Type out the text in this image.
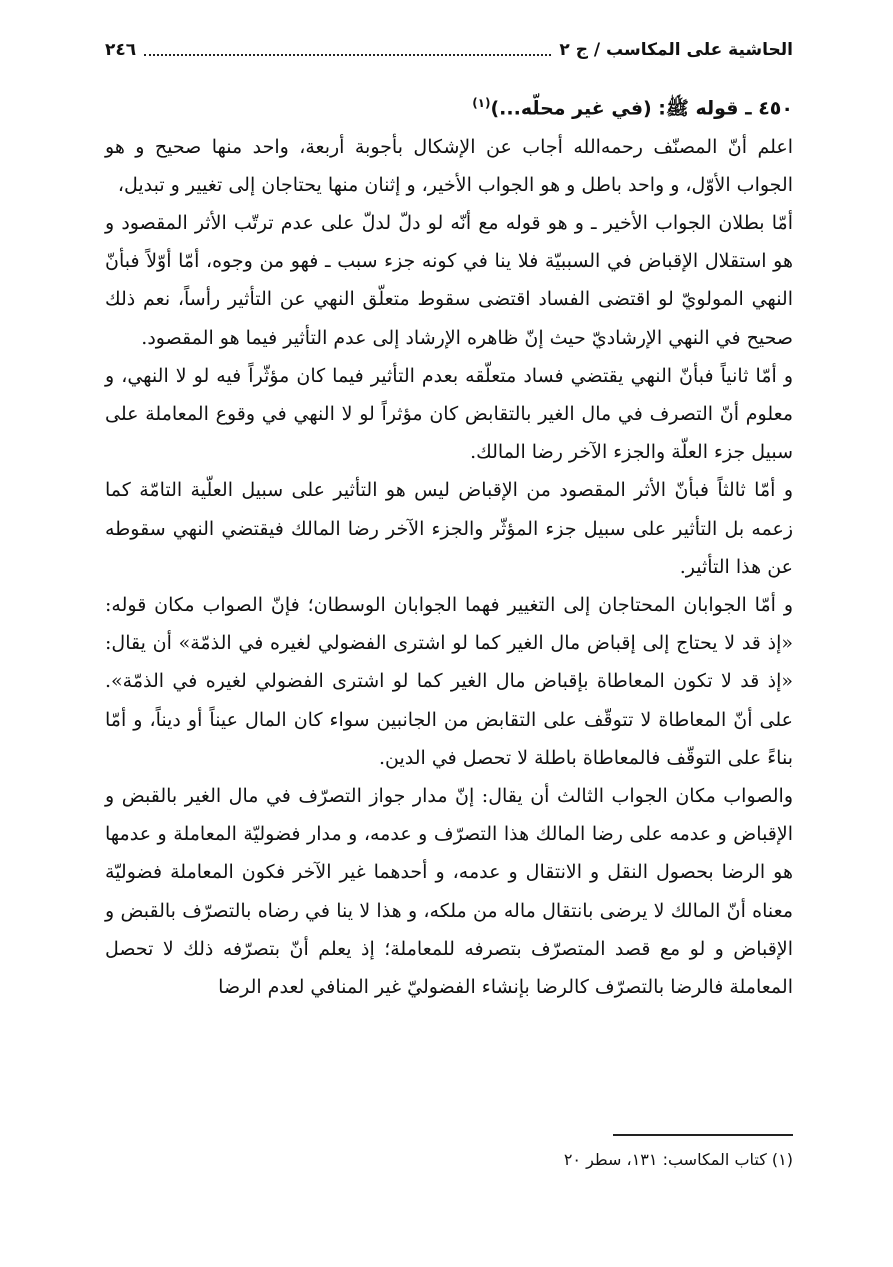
الحاشية على المكاسب / ج ٢
٢٤٦

٤٥٠ ـ قوله ﷺ: (في غير محلّه...)$^{(١)}$

اعلم أنّ المصنّف رحمه‌الله أجاب عن الإشكال بأجوبة أربعة، واحد منها صحيح و هو الجواب الأوّل، و واحد باطل و هو الجواب الأخير، و إثنان منها يحتاجان إلى تغيير و تبديل،

أمّا بطلان الجواب الأخير ـ و هو قوله مع أنّه لو دلّ لدلّ على عدم ترتّب الأثر المقصود و هو استقلال الإقباض في السببيّة فلا ينا في كونه جزء سبب ـ فهو من وجوه، أمّا أوّلاً فبأنّ النهي المولويّ لو اقتضى الفساد اقتضى سقوط متعلّق النهي عن التأثير رأساً، نعم ذلك صحيح في النهي الإرشاديّ حيث إنّ ظاهره الإرشاد إلى عدم التأثير فيما هو المقصود.

و أمّا ثانياً فبأنّ النهي يقتضي فساد متعلّقه بعدم التأثير فيما كان مؤثّراً فيه لو لا النهي، و معلوم أنّ التصرف في مال الغير بالتقابض كان مؤثراً لو لا النهي في وقوع المعاملة على سبيل جزء العلّة والجزء الآخر رضا المالك.

و أمّا ثالثاً فبأنّ الأثر المقصود من الإقباض ليس هو التأثير على سبيل العلّية التامّة كما زعمه بل التأثير على سبيل جزء المؤثّر والجزء الآخر رضا المالك فيقتضي النهي سقوطه عن هذا التأثير.

و أمّا الجوابان المحتاجان إلى التغيير فهما الجوابان الوسطان؛ فإنّ الصواب مكان قوله: «إذ قد لا يحتاج إلى إقباض مال الغير كما لو اشترى الفضولي لغيره في الذمّة» أن يقال: «إذ قد لا تكون المعاطاة بإقباض مال الغير كما لو اشترى الفضولي لغيره في الذمّة». على أنّ المعاطاة لا تتوقّف على التقابض من الجانبين سواء كان المال عيناً أو ديناً، و أمّا بناءً على التوقّف فالمعاطاة باطلة لا تحصل في الدين.

والصواب مكان الجواب الثالث أن يقال: إنّ مدار جواز التصرّف في مال الغير بالقبض و الإقباض و عدمه على رضا المالك هذا التصرّف و عدمه، و مدار فضوليّة المعاملة و عدمها هو الرضا بحصول النقل و الانتقال و عدمه، و أحدهما غير الآخر فكون المعاملة فضوليّة معناه أنّ المالك لا يرضى بانتقال ماله من ملكه، و هذا لا ينا في رضاه بالتصرّف بالقبض و الإقباض و لو مع قصد المتصرّف بتصرفه للمعاملة؛ إذ يعلم أنّ بتصرّفه ذلك لا تحصل المعاملة فالرضا بالتصرّف كالرضا بإنشاء الفضوليّ غير المنافي لعدم الرضا

(١) كتاب المكاسب: ١٣١، سطر ٢٠
